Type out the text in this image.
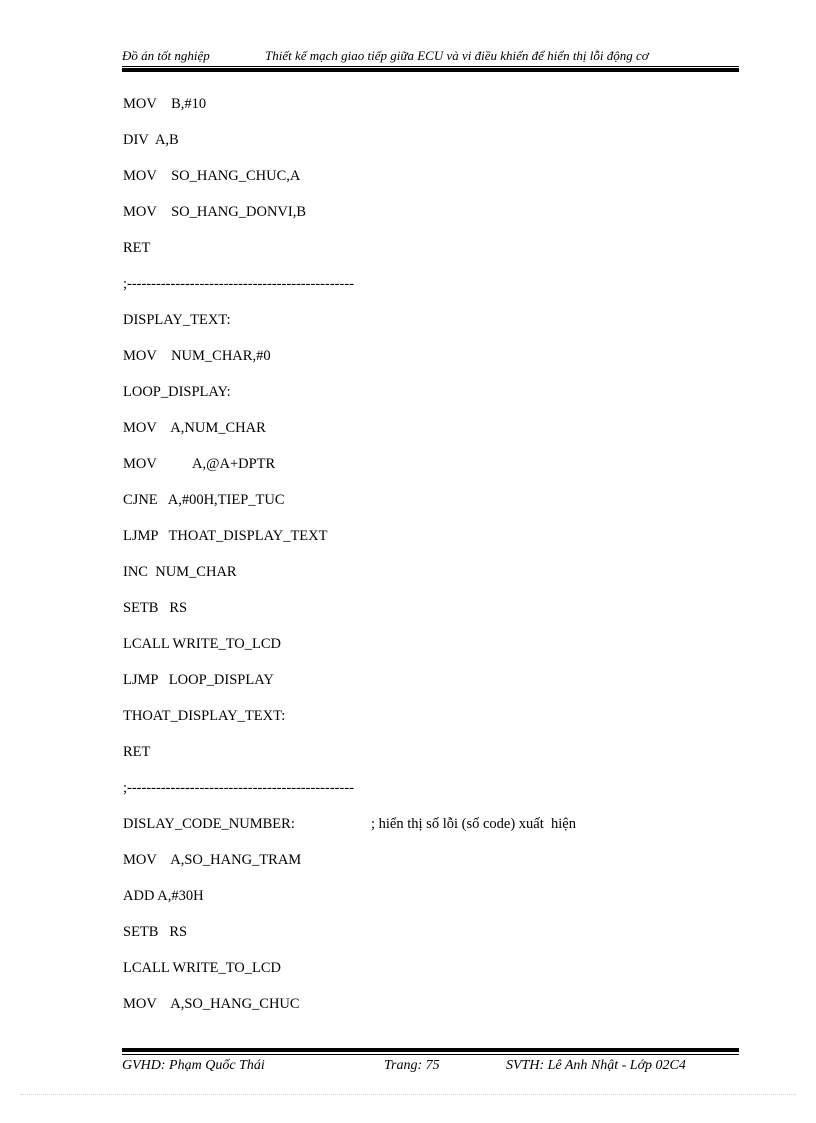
Đồ án tốt nghiệp	Thiết kế mạch giao tiếp giữa ECU và vi điều khiển để hiển thị lỗi động cơ
MOV    B,#10
DIV  A,B
MOV    SO_HANG_CHUC,A
MOV    SO_HANG_DONVI,B
RET
;-----------------------------------------------
DISPLAY_TEXT:
MOV    NUM_CHAR,#0
LOOP_DISPLAY:
MOV    A,NUM_CHAR
MOV          A,@A+DPTR
CJNE   A,#00H,TIEP_TUC
LJMP   THOAT_DISPLAY_TEXT
INC  NUM_CHAR
SETB   RS
LCALL WRITE_TO_LCD
LJMP   LOOP_DISPLAY
THOAT_DISPLAY_TEXT:
RET
;-----------------------------------------------
DISLAY_CODE_NUMBER:	; hiển thị số lỗi (số code) xuất  hiện
MOV    A,SO_HANG_TRAM
ADD A,#30H
SETB   RS
LCALL WRITE_TO_LCD
MOV    A,SO_HANG_CHUC
GVHD: Phạm Quốc Thái	Trang: 75	SVTH: Lê Anh Nhật - Lớp 02C4
